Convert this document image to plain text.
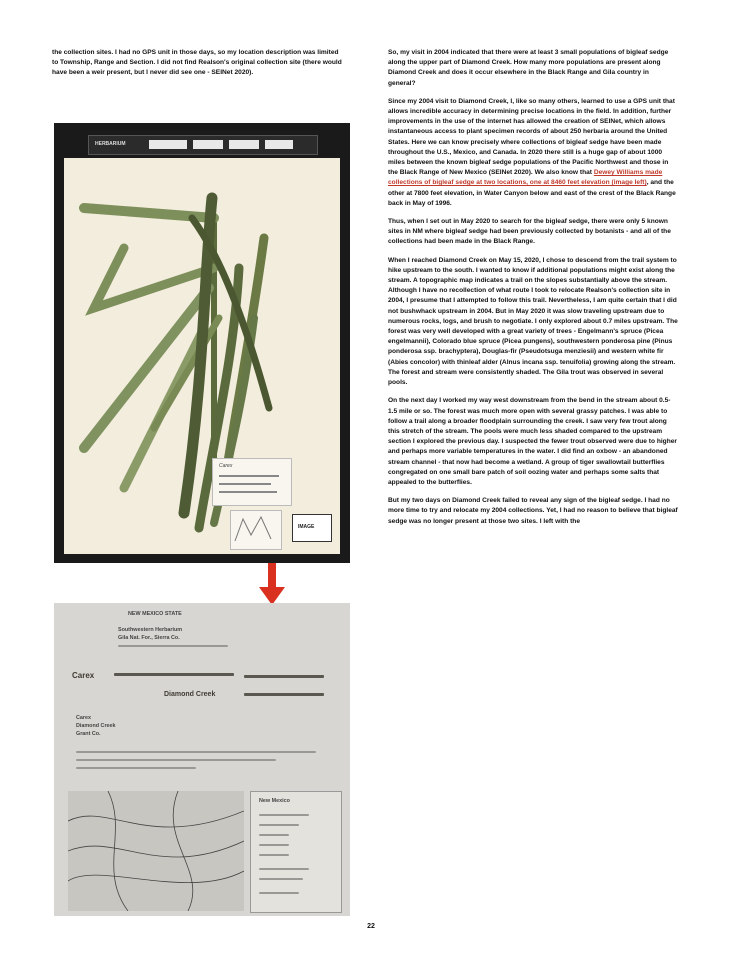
the collection sites. I had no GPS unit in those days, so my location description was limited to Township, Range and Section. I did not find Realson's original collection site (there would have been a weir present, but I never did see one - SEINet 2020).

HERBARIUM
Carex
IMAGE
NEW MEXICO STATE
Southwestern Herbarium
Gila Nat. For., Sierra Co.
Carex
Diamond Creek
Carex
Diamond Creek
Grant Co.
New Mexico

So, my visit in 2004 indicated that there were at least 3 small populations of bigleaf sedge along the upper part of Diamond Creek. How many more populations are present along Diamond Creek and does it occur elsewhere in the Black Range and Gila country in general?

Since my 2004 visit to Diamond Creek, I, like so many others, learned to use a GPS unit that allows incredible accuracy in determining precise locations in the field. In addition, further improvements in the use of the internet has allowed the creation of SEINet, which allows instantaneous access to plant specimen records of about 250 herbaria around the United States. Here we can know precisely where collections of bigleaf sedge have been made throughout the U.S., Mexico, and Canada. In 2020 there still is a huge gap of about 1000 miles between the known bigleaf sedge populations of the Pacific Northwest and those in the Black Range of New Mexico (SEINet 2020). We also know that Dewey Williams made collections of bigleaf sedge at two locations, one at 8460 feet elevation (image left), and the other at 7800 feet elevation, in Water Canyon below and east of the crest of the Black Range back in May of 1996.

Thus, when I set out in May 2020 to search for the bigleaf sedge, there were only 5 known sites in NM where bigleaf sedge had been previously collected by botanists - and all of the collections had been made in the Black Range.

When I reached Diamond Creek on May 15, 2020, I chose to descend from the trail system to hike upstream to the south. I wanted to know if additional populations might exist along the stream. A topographic map indicates a trail on the slopes substantially above the stream. Although I have no recollection of what route I took to relocate Realson's collection site in 2004, I presume that I attempted to follow this trail. Nevertheless, I am quite certain that I did not bushwhack upstream in 2004. But in May 2020 it was slow traveling upstream due to numerous rocks, logs, and brush to negotiate. I only explored about 0.7 miles upstream. The forest was very well developed with a great variety of trees - Engelmann's spruce (Picea engelmannii), Colorado blue spruce (Picea pungens), southwestern ponderosa pine (Pinus ponderosa ssp. brachyptera), Douglas-fir (Pseudotsuga menziesii) and western white fir (Abies concolor) with thinleaf alder (Alnus incana ssp. tenuifolia) growing along the stream. The forest and stream were consistently shaded. The Gila trout was observed in several pools.

On the next day I worked my way west downstream from the bend in the stream about 0.5-1.5 mile or so. The forest was much more open with several grassy patches. I was able to follow a trail along a broader floodplain surrounding the creek. I saw very few trout along this stretch of the stream. The pools were much less shaded compared to the upstream section I explored the previous day. I suspected the fewer trout observed were due to higher and perhaps more variable temperatures in the water. I did find an oxbow - an abandoned stream channel - that now had become a wetland. A group of tiger swallowtail butterflies congregated on one small bare patch of soil oozing water and perhaps some salts that appealed to the butterflies.

But my two days on Diamond Creek failed to reveal any sign of the bigleaf sedge. I had no more time to try and relocate my 2004 collections. Yet, I had no reason to believe that bigleaf sedge was no longer present at those two sites. I left with the

22
